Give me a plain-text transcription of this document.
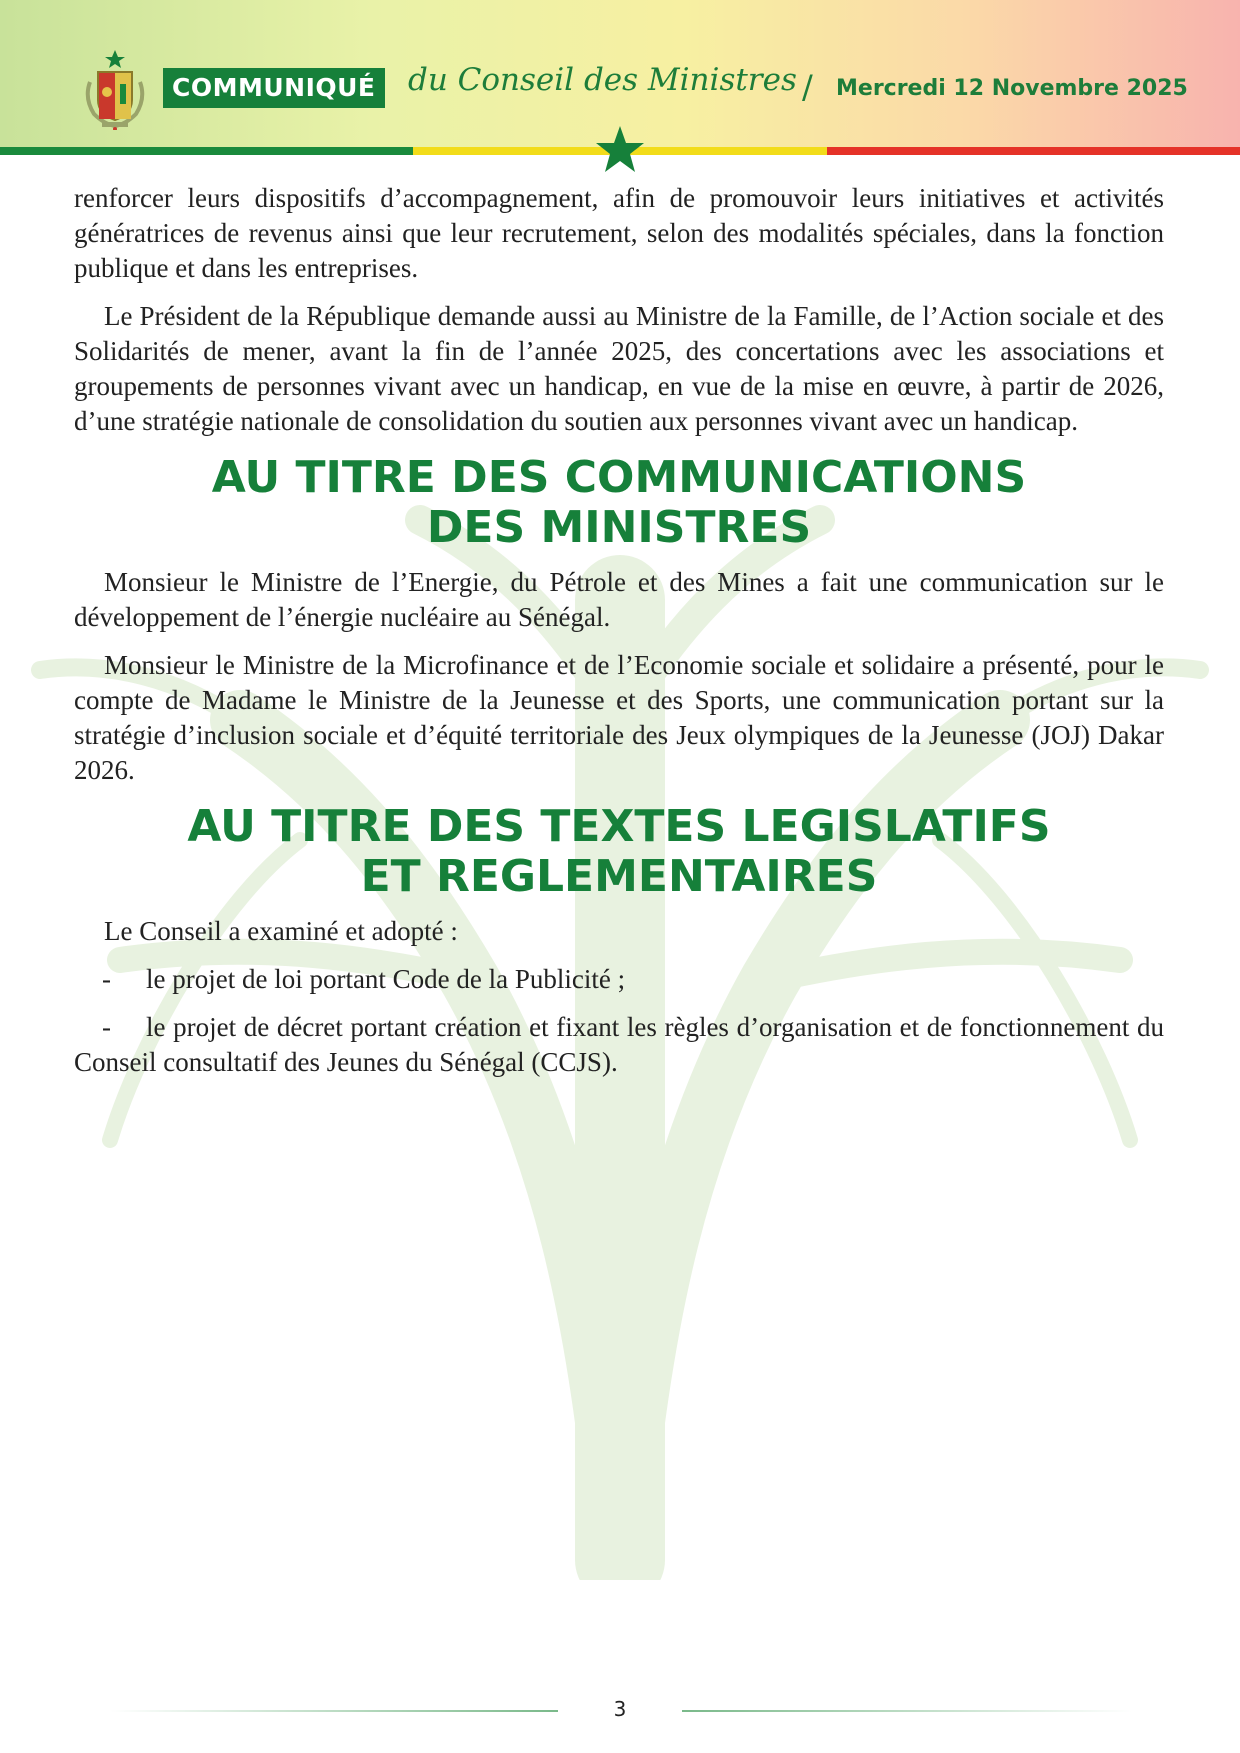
COMMUNIQUÉ du Conseil des Ministres / Mercredi 12 Novembre 2025

renforcer leurs dispositifs d’accompagnement, afin de promouvoir leurs initiatives et activités génératrices de revenus ainsi que leur recrutement, selon des modalités spéciales, dans la fonction publique et dans les entreprises.

Le Président de la République demande aussi au Ministre de la Famille, de l’Action sociale et des Solidarités de mener, avant la fin de l’année 2025, des concertations avec les associations et groupements de personnes vivant avec un handicap, en vue de la mise en œuvre, à partir de 2026, d’une stratégie nationale de consolidation du soutien aux personnes vivant avec un handicap.

AU TITRE DES COMMUNICATIONS
DES MINISTRES

Monsieur le Ministre de l’Energie, du Pétrole et des Mines a fait une communication sur le développement de l’énergie nucléaire au Sénégal.

Monsieur le Ministre de la Microfinance et de l’Economie sociale et solidaire a présenté, pour le compte de Madame le Ministre de la Jeunesse et des Sports, une communication portant sur la stratégie d’inclusion sociale et d’équité territoriale des Jeux olympiques de la Jeunesse (JOJ) Dakar 2026.

AU TITRE DES TEXTES LEGISLATIFS
ET REGLEMENTAIRES

Le Conseil a examiné et adopté :

-	le projet de loi portant Code de la Publicité ;
- le projet de décret portant création et fixant les règles d’organisation et de fonctionnement du Conseil consultatif des Jeunes du Sénégal (CCJS).
3
